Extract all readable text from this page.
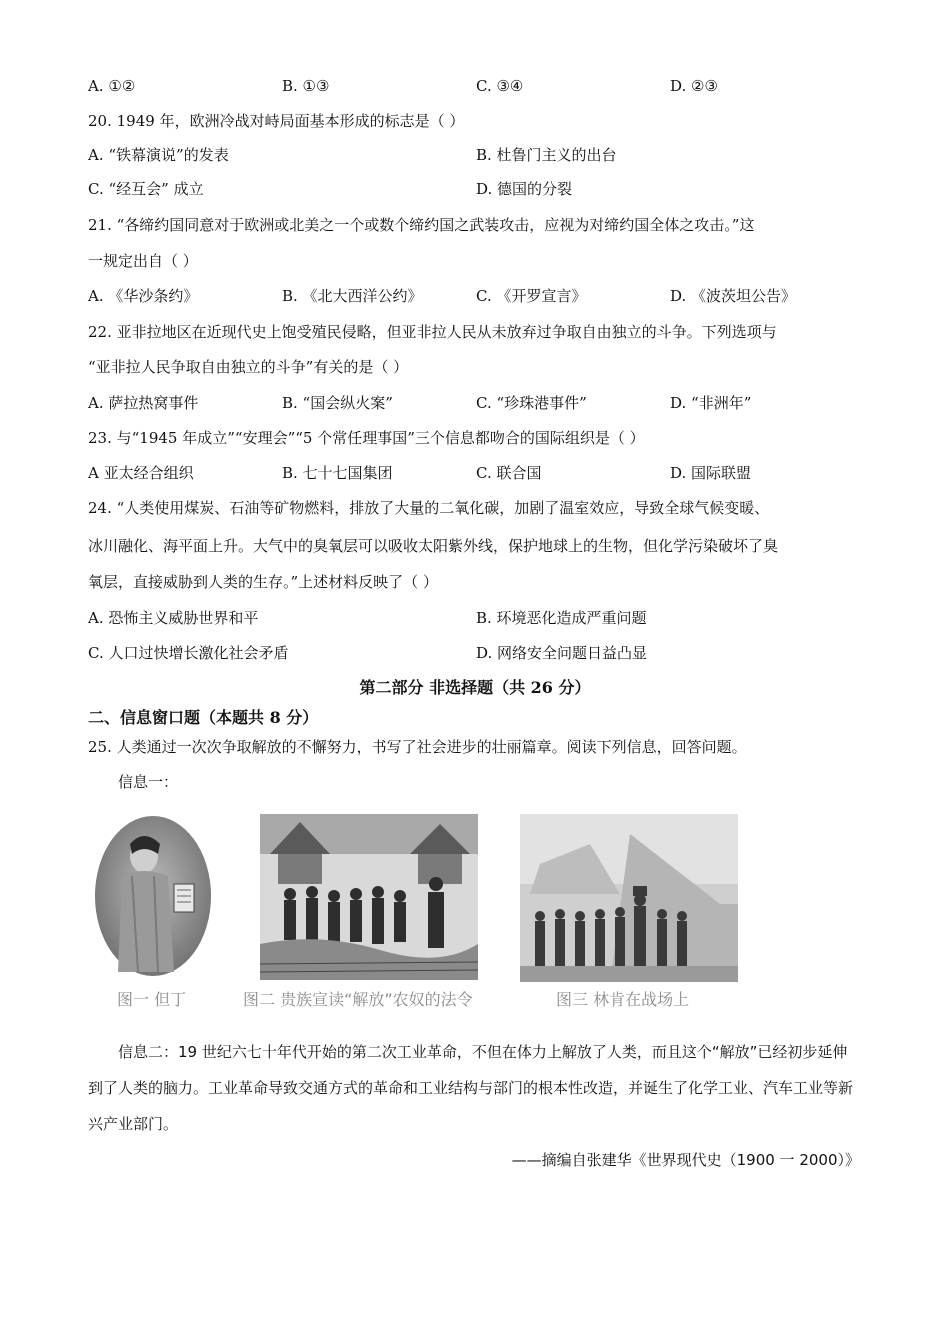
A. ①②	B. ①③	C. ③④	D. ②③
20. 1949 年，欧洲冷战对峙局面基本形成的标志是（ ）
A. “铁幕演说”的发表	B. 杜鲁门主义的出台
C. “经互会” 成立	D. 德国的分裂
21. “各缔约国同意对于欧洲或北美之一个或数个缔约国之武装攻击，应视为对缔约国全体之攻击。”这
一规定出自（ ）
A. 《华沙条约》	B. 《北大西洋公约》	C. 《开罗宣言》	D. 《波茨坦公告》
22. 亚非拉地区在近现代史上饱受殖民侵略，但亚非拉人民从未放弃过争取自由独立的斗争。下列选项与
“亚非拉人民争取自由独立的斗争”有关的是（ ）
A. 萨拉热窝事件	B. “国会纵火案”	C. “珍珠港事件”	D. “非洲年”
23. 与“1945 年成立”“安理会”“5 个常任理事国”三个信息都吻合的国际组织是（ ）
A 亚太经合组织	B. 七十七国集团	C. 联合国	D. 国际联盟
24. “人类使用煤炭、石油等矿物燃料，排放了大量的二氧化碳，加剧了温室效应，导致全球气候变暖、
冰川融化、海平面上升。大气中的臭氧层可以吸收太阳紫外线，保护地球上的生物，但化学污染破坏了臭
氧层，直接威胁到人类的生存。”上述材料反映了（ ）
A. 恐怖主义威胁世界和平	B. 环境恶化造成严重问题
C. 人口过快增长激化社会矛盾	D. 网络安全问题日益凸显
第二部分 非选择题（共 26 分）
二、信息窗口题（本题共 8 分）
25. 人类通过一次次争取解放的不懈努力，书写了社会进步的壮丽篇章。阅读下列信息，回答问题。
信息一：
图一 但丁	图二 贵族宣读“解放”农奴的法令	图三 林肯在战场上
信息二：19 世纪六七十年代开始的第二次工业革命，不但在体力上解放了人类，而且这个“解放”已经初步延伸到了人类的脑力。工业革命导致交通方式的革命和工业结构与部门的根本性改造，并诞生了化学工业、汽车工业等新兴产业部门。
——摘编自张建华《世界现代史（1900 一 2000）》
